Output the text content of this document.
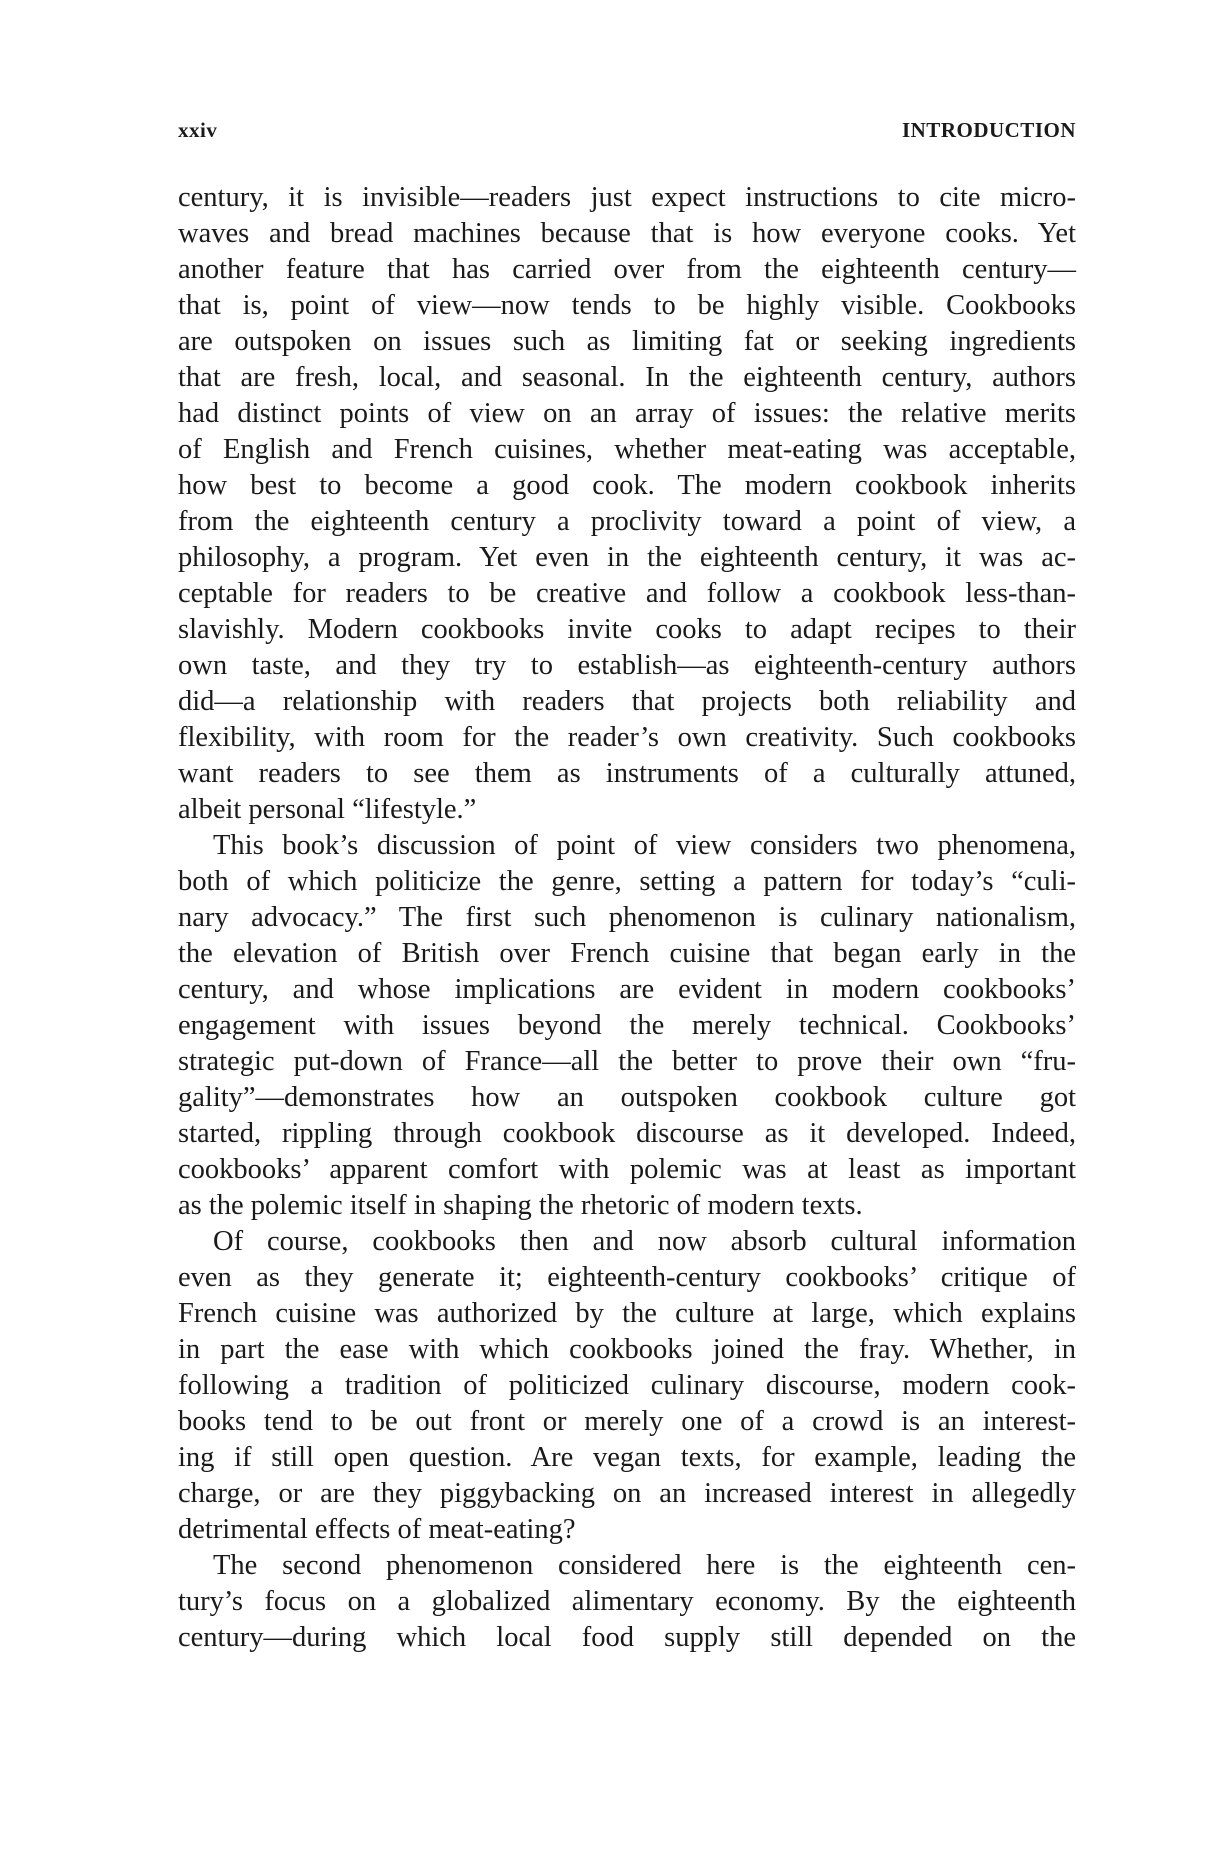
xxiv	INTRODUCTION
century, it is invisible—readers just expect instructions to cite micro-
waves and bread machines because that is how everyone cooks. Yet
another feature that has carried over from the eighteenth century—
that is, point of view—now tends to be highly visible. Cookbooks
are outspoken on issues such as limiting fat or seeking ingredients
that are fresh, local, and seasonal. In the eighteenth century, authors
had distinct points of view on an array of issues: the relative merits
of English and French cuisines, whether meat-eating was acceptable,
how best to become a good cook. The modern cookbook inherits
from the eighteenth century a proclivity toward a point of view, a
philosophy, a program. Yet even in the eighteenth century, it was ac-
ceptable for readers to be creative and follow a cookbook less-than-
slavishly. Modern cookbooks invite cooks to adapt recipes to their
own taste, and they try to establish—as eighteenth-century authors
did—a relationship with readers that projects both reliability and
flexibility, with room for the reader’s own creativity. Such cookbooks
want readers to see them as instruments of a culturally attuned,
albeit personal “lifestyle.”
This book’s discussion of point of view considers two phenomena,
both of which politicize the genre, setting a pattern for today’s “culi-
nary advocacy.” The first such phenomenon is culinary nationalism,
the elevation of British over French cuisine that began early in the
century, and whose implications are evident in modern cookbooks’
engagement with issues beyond the merely technical. Cookbooks’
strategic put-down of France—all the better to prove their own “fru-
gality”—demonstrates how an outspoken cookbook culture got
started, rippling through cookbook discourse as it developed. Indeed,
cookbooks’ apparent comfort with polemic was at least as important
as the polemic itself in shaping the rhetoric of modern texts.
Of course, cookbooks then and now absorb cultural information
even as they generate it; eighteenth-century cookbooks’ critique of
French cuisine was authorized by the culture at large, which explains
in part the ease with which cookbooks joined the fray. Whether, in
following a tradition of politicized culinary discourse, modern cook-
books tend to be out front or merely one of a crowd is an interest-
ing if still open question. Are vegan texts, for example, leading the
charge, or are they piggybacking on an increased interest in allegedly
detrimental effects of meat-eating?
The second phenomenon considered here is the eighteenth cen-
tury’s focus on a globalized alimentary economy. By the eighteenth
century—during which local food supply still depended on the
